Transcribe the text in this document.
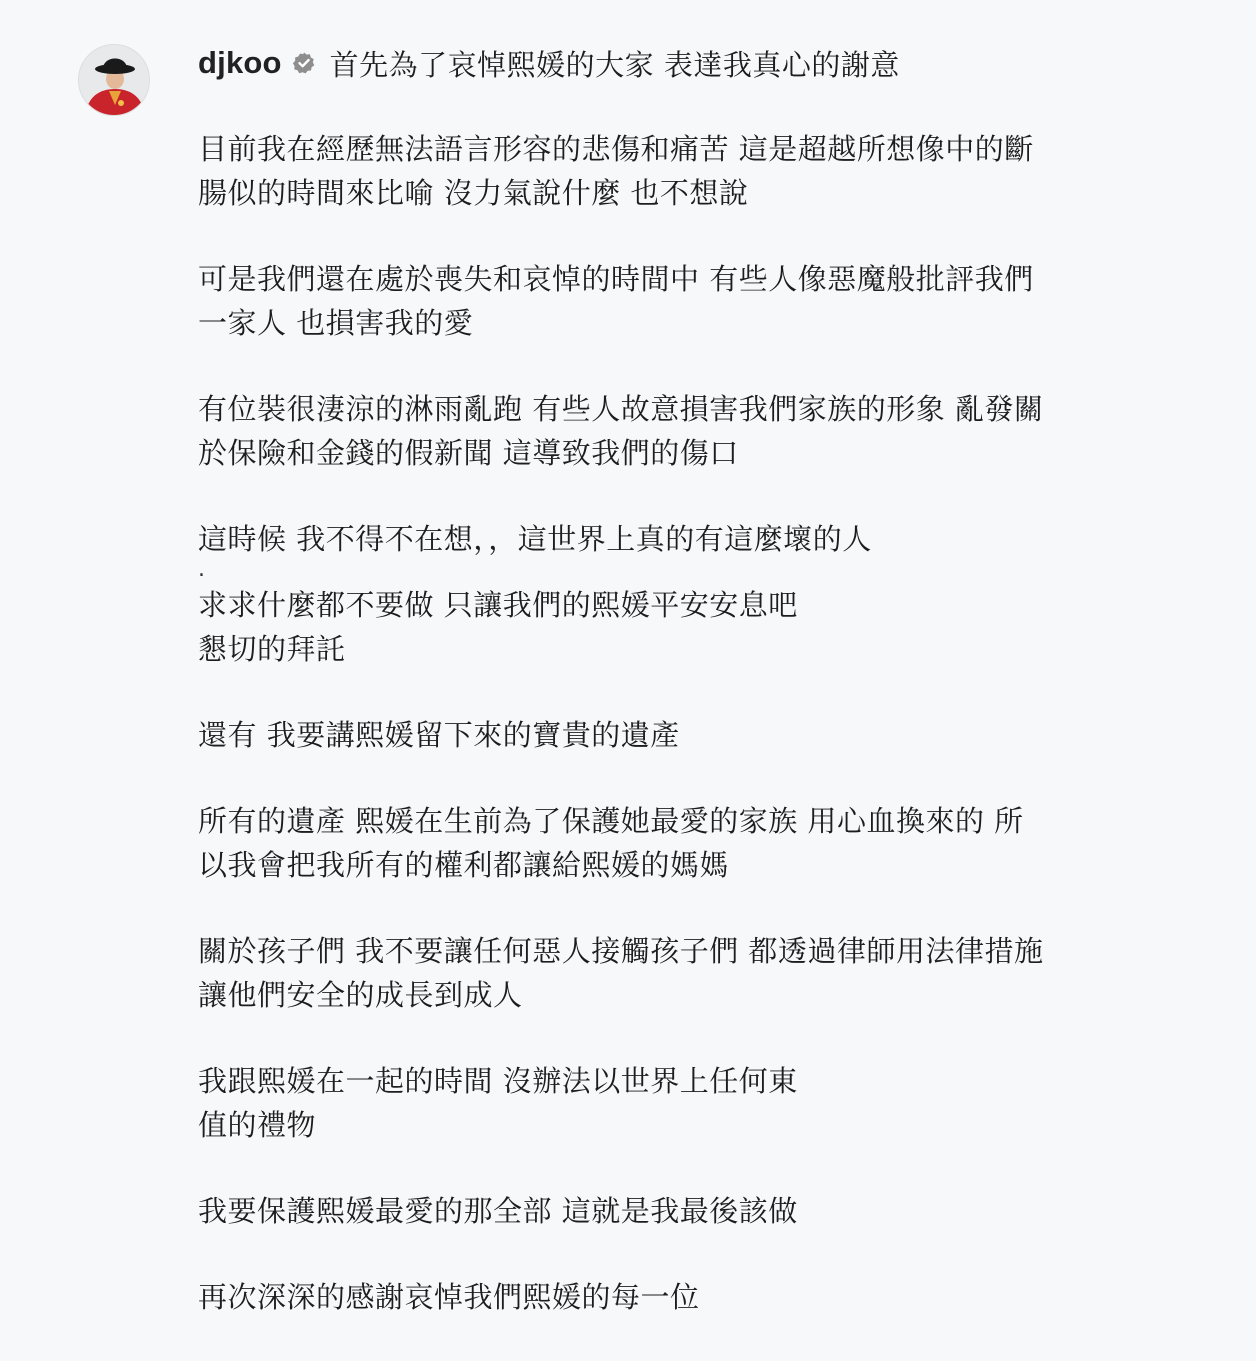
djkoo 首先為了哀悼熙媛的大家 表達我真心的謝意

目前我在經歷無法語言形容的悲傷和痛苦 這是超越所想像中的斷
腸似的時間來比喻 沒力氣說什麼 也不想說

可是我們還在處於喪失和哀悼的時間中 有些人像惡魔般批評我們
一家人 也損害我的愛

有位裝很淒涼的淋雨亂跑 有些人故意損害我們家族的形象 亂發關
於保險和金錢的假新聞 這導致我們的傷口

這時候 我不得不在想，，這世界上真的有這麼壞的人

.
求求什麼都不要做 只讓我們的熙媛平安安息吧
懇切的拜託

還有 我要講熙媛留下來的寶貴的遺產

所有的遺產 熙媛在生前為了保護她最愛的家族 用心血換來的 所
以我會把我所有的權利都讓給熙媛的媽媽

關於孩子們 我不要讓任何惡人接觸孩子們 都透過律師用法律措施
讓他們安全的成長到成人

我跟熙媛在一起的時間 沒辦法以世界上任何東
值的禮物

我要保護熙媛最愛的那全部 這就是我最後該做

再次深深的感謝哀悼我們熙媛的每一位
